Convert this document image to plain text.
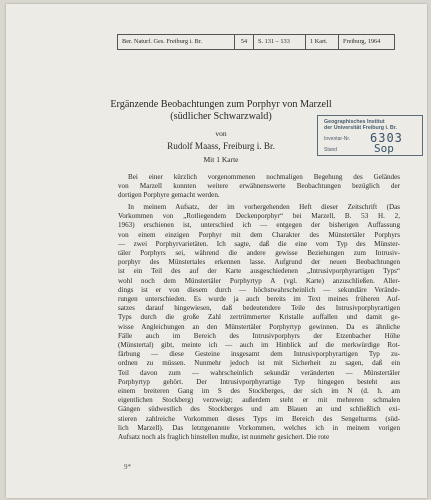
Ber. Naturf. Ges. Freiburg i. Br.	54	S. 131 – 133	1 Kart.	Freiburg, 1964
Geographisches Institut
der Universität Freiburg i. Br.
Inventar-Nr. 6303
Stand	Sop
Ergänzende Beobachtungen zum Porphyr von Marzell
(südlicher Schwarzwald)
von
Rudolf Maass, Freiburg i. Br.
Mit 1 Karte
Bei einer kürzlich vorgenommenen nochmaligen Begehung des Geländes
von Marzell konnten weitere erwähnenswerte Beobachtungen bezüglich der
dortigen Porphyre gemacht werden.
In meinem Aufsatz, der im vorhergehenden Heft dieser Zeitschrift (Das
Vorkommen von „Rotliegendem Deckenporphyr“ bei Marzell, B. 53 H. 2,
1963) erschienen ist, unterschied ich — entgegen der bisherigen Auffassung
von einem einzigen Porphyr mit dem Charakter des Münstertäler Porphyrs
— zwei Porphyrvarietäten. Ich sagte, daß die eine vom Typ des Münster-
täler Porphyrs sei, während die andere gewisse Beziehungen zum Intrusiv-
porphyr des Münstertales erkennen lasse. Aufgrund der neuen Beobachtungen
ist ein Teil des auf der Karte ausgeschiedenen „Intrusivporphyrartigen Typs“
wohl noch dem Münstertäler Porphyrtyp A (vgl. Karte) anzuschließen. Aller-
dings ist er von diesem durch — höchstwahrscheinlich — sekundäre Verände-
rungen unterschieden. Es wurde ja auch bereits im Text meines früheren Auf-
satzes darauf hingewiesen, daß bedeutendere Teile des Intrusivporphyrartigen
Typs durch die große Zahl zertrümmerter Kristalle auffallen und damit ge-
wisse Angleichungen an den Münstertäler Porphyrtyp gewinnen. Da es ähnliche
Fälle auch im Bereich des Intrusivporphyrs der Etzenbacher Höhe
(Münstertal) gibt, meinte ich — auch im Hinblick auf die merkwürdige Rot-
färbung — diese Gesteine insgesamt dem Intrusivporphyrartigen Typ zu-
ordnen zu müssen. Nunmehr jedoch ist mit Sicherheit zu sagen, daß ein
Teil davon zum — wahrscheinlich sekundär veränderten — Münstertäler
Porphyrtyp gehört. Der Intrusivporphyrartige Typ hingegen besteht aus
einem breiteren Gang im S des Stockberges, der sich im N (d. h. am
eigentlichen Stockberg) verzweigt; außerdem steht er mit mehreren schmalen
Gängen südwestlich des Stockberges und am Blauen an und schließlich exi-
stieren zahlreiche Vorkommen dieses Typs im Bereich des Sengelturms (süd-
lich Marzell). Das letztgenannte Vorkommen, welches ich in meinem vorigen
Aufsatz noch als fraglich hinstellen mußte, ist nunmehr gesichert. Die rote
9*
